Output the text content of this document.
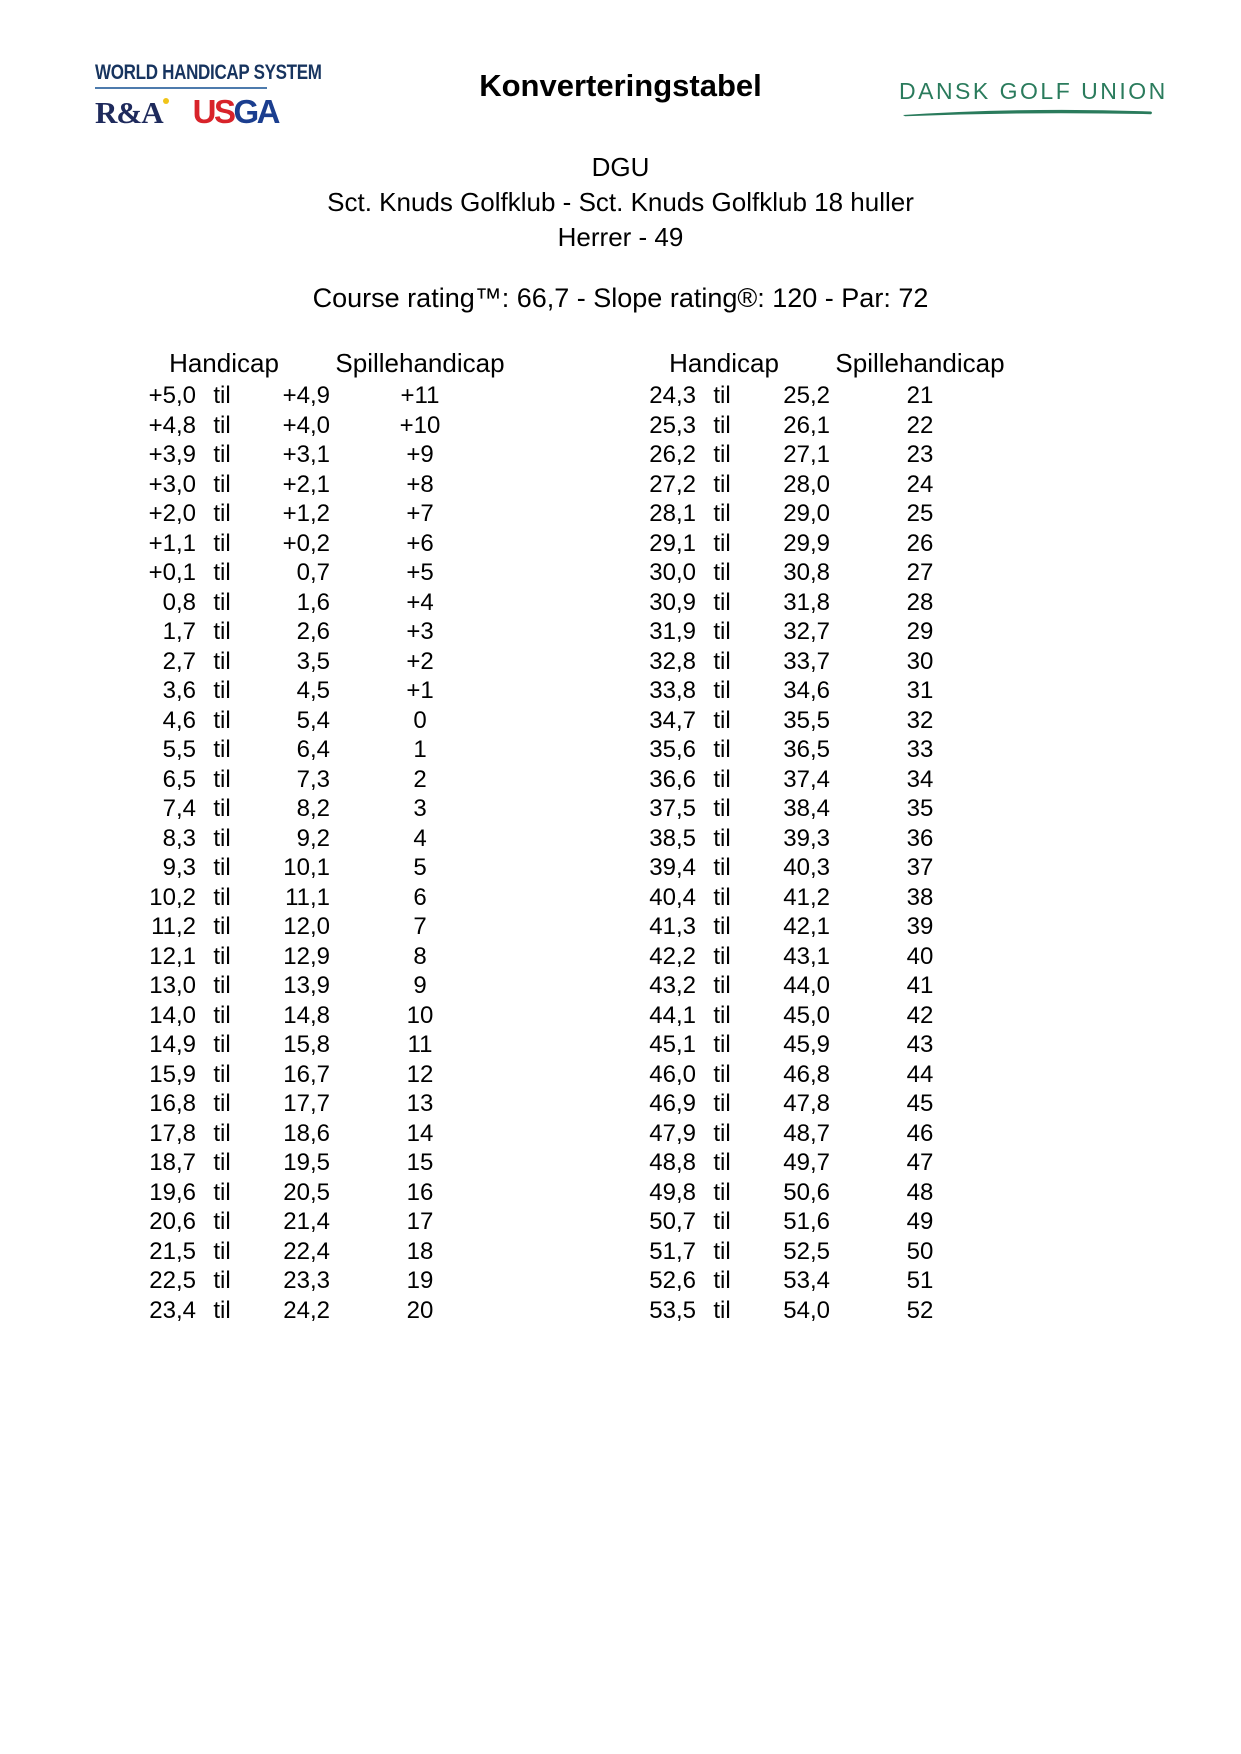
WORLD HANDICAP SYSTEM
R&A USGA
Konverteringstabel	DANSK GOLF UNION
DGU
Sct. Knuds Golfklub - Sct. Knuds Golfklub 18 huller
Herrer - 49
Course rating™: 66,7 - Slope rating®: 120 - Par: 72
Handicap	Spillehandicap
+5,0 til	+4,9	+11
+4,8 til	+4,0	+10
+3,9 til	+3,1	+9
+3,0 til	+2,1	+8
+2,0 til	+1,2	+7
+1,1 til	+0,2	+6
+0,1 til	0,7	+5
0,8 til	1,6	+4
1,7 til	2,6	+3
2,7 til	3,5	+2
3,6 til	4,5	+1
4,6 til	5,4	0
5,5 til	6,4	1
6,5 til	7,3	2
7,4 til	8,2	3
8,3 til	9,2	4
9,3 til	10,1	5
10,2 til	11,1	6
11,2 til	12,0	7
12,1 til	12,9	8
13,0 til	13,9	9
14,0 til	14,8	10
14,9 til	15,8	11
15,9 til	16,7	12
16,8 til	17,7	13
17,8 til	18,6	14
18,7 til	19,5	15
19,6 til	20,5	16
20,6 til	21,4	17
21,5 til	22,4	18
22,5 til	23,3	19
23,4 til	24,2	20
Handicap	Spillehandicap
24,3 til	25,2	21
25,3 til	26,1	22
26,2 til	27,1	23
27,2 til	28,0	24
28,1 til	29,0	25
29,1 til	29,9	26
30,0 til	30,8	27
30,9 til	31,8	28
31,9 til	32,7	29
32,8 til	33,7	30
33,8 til	34,6	31
34,7 til	35,5	32
35,6 til	36,5	33
36,6 til	37,4	34
37,5 til	38,4	35
38,5 til	39,3	36
39,4 til	40,3	37
40,4 til	41,2	38
41,3 til	42,1	39
42,2 til	43,1	40
43,2 til	44,0	41
44,1 til	45,0	42
45,1 til	45,9	43
46,0 til	46,8	44
46,9 til	47,8	45
47,9 til	48,7	46
48,8 til	49,7	47
49,8 til	50,6	48
50,7 til	51,6	49
51,7 til	52,5	50
52,6 til	53,4	51
53,5 til	54,0	52
